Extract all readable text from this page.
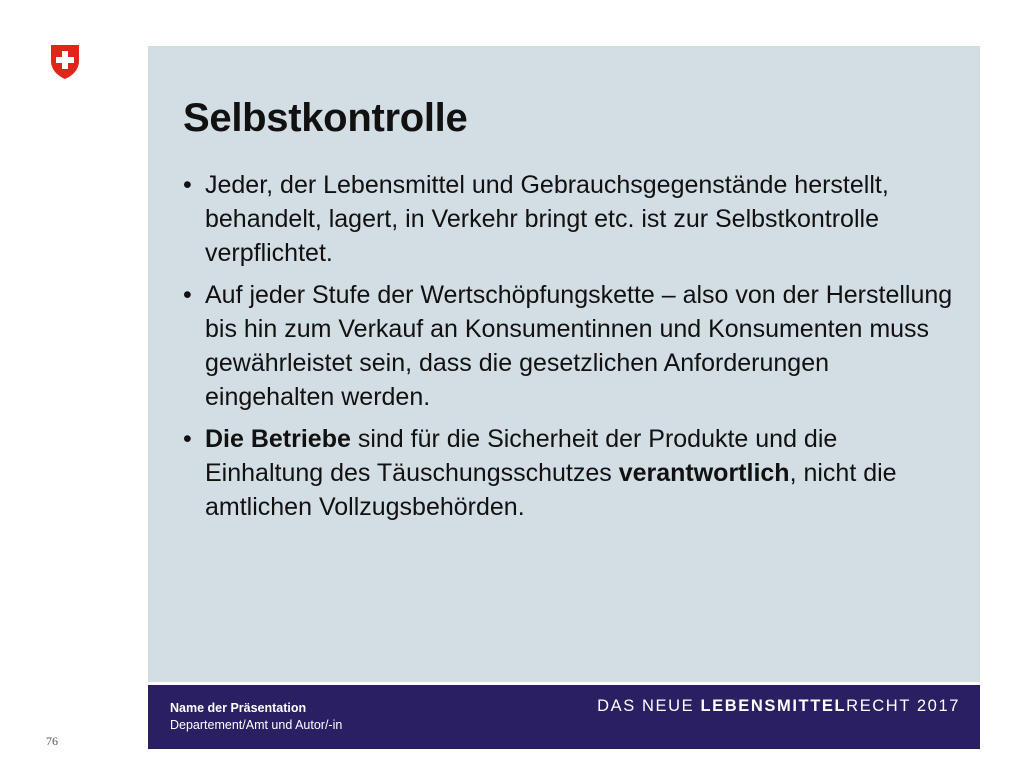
Selbstkontrolle
• Jeder, der Lebensmittel und Gebrauchsgegenstände herstellt, behandelt, lagert, in Verkehr bringt etc. ist zur Selbstkontrolle verpflichtet.
• Auf jeder Stufe der Wertschöpfungskette – also von der Herstellung bis hin zum Verkauf an Konsumentinnen und Konsumenten muss gewährleistet sein, dass die gesetzlichen Anforderungen eingehalten werden.
• Die Betriebe sind für die Sicherheit der Produkte und die Einhaltung des Täuschungsschutzes verantwortlich, nicht die amtlichen Vollzugsbehörden.
Name der Präsentation
Departement/Amt und Autor/-in
DAS NEUE LEBENSMITTELRECHT 2017
76
